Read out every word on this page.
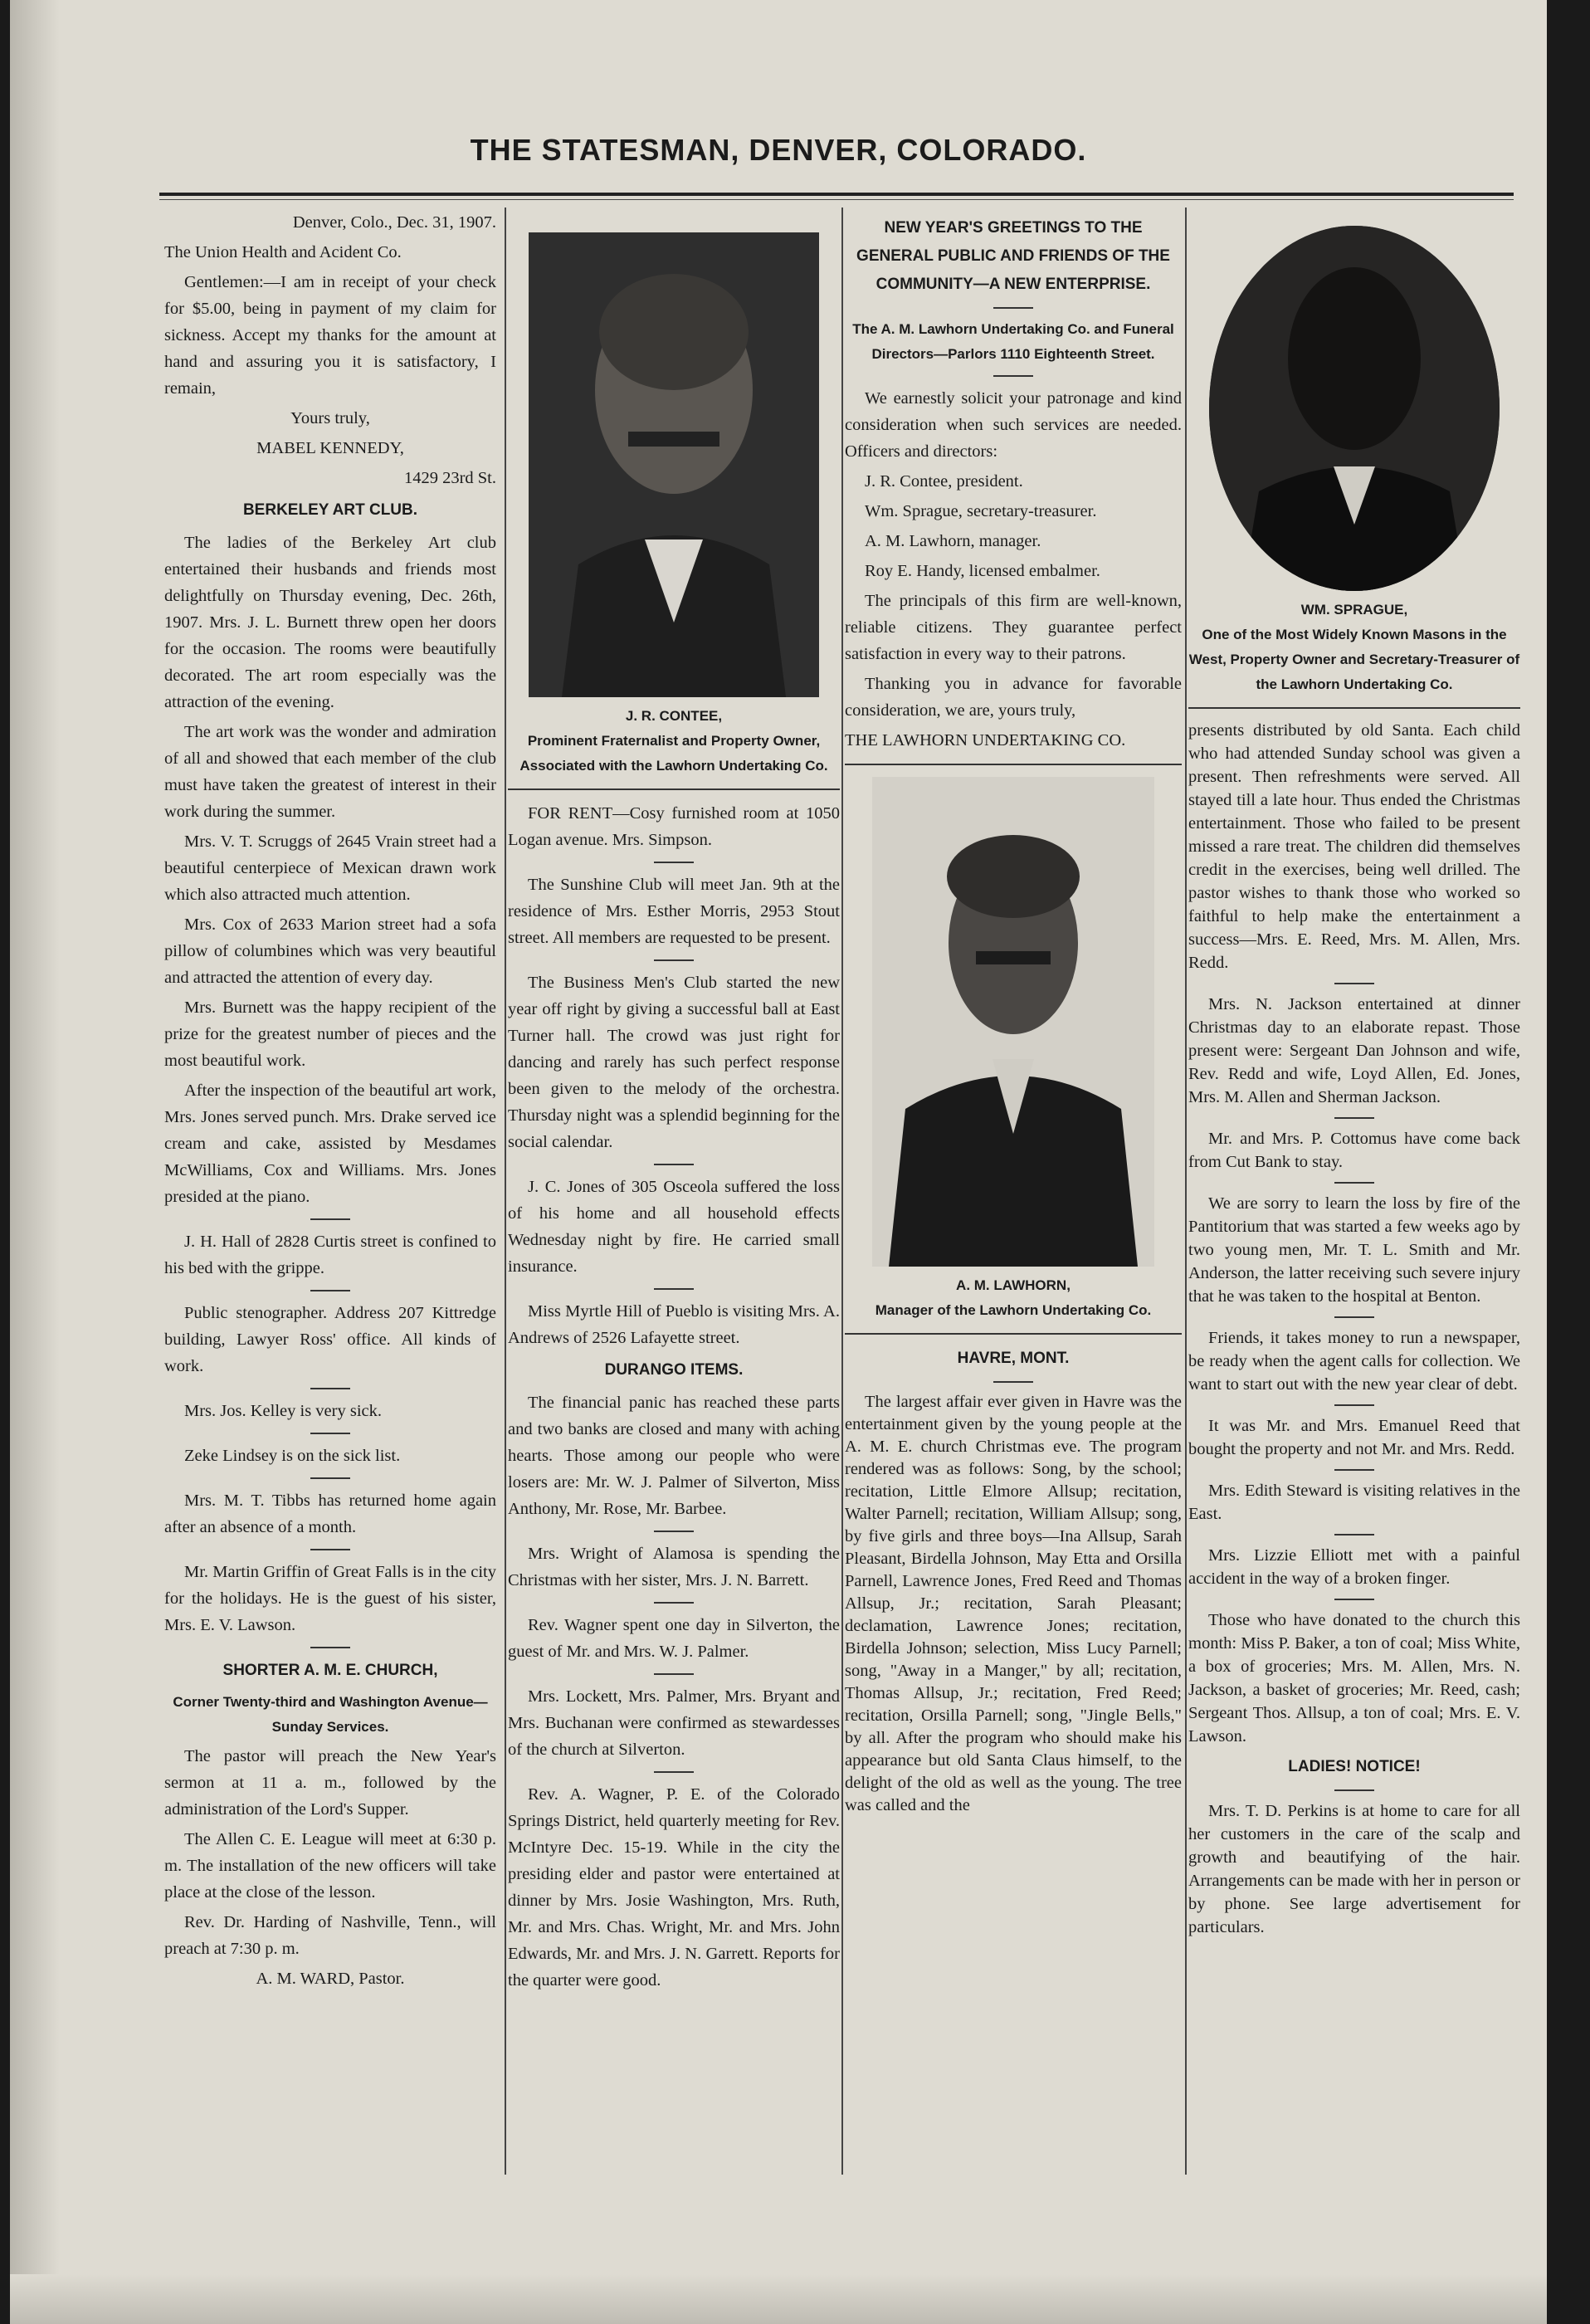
THE STATESMAN, DENVER, COLORADO.

Denver, Colo., Dec. 31, 1907.

The Union Health and Acident Co.

Gentlemen:—I am in receipt of your check for $5.00, being in payment of my claim for sickness. Accept my thanks for the amount at hand and assuring you it is satisfactory, I remain,

Yours truly,

MABEL KENNEDY,

1429 23rd St.

BERKELEY ART CLUB.

The ladies of the Berkeley Art club entertained their husbands and friends most delightfully on Thursday evening, Dec. 26th, 1907. Mrs. J. L. Burnett threw open her doors for the occasion. The rooms were beautifully decorated. The art room especially was the attraction of the evening.

The art work was the wonder and admiration of all and showed that each member of the club must have taken the greatest of interest in their work during the summer.

Mrs. V. T. Scruggs of 2645 Vrain street had a beautiful centerpiece of Mexican drawn work which also attracted much attention.

Mrs. Cox of 2633 Marion street had a sofa pillow of columbines which was very beautiful and attracted the attention of every day.

Mrs. Burnett was the happy recipient of the prize for the greatest number of pieces and the most beautiful work.

After the inspection of the beautiful art work, Mrs. Jones served punch. Mrs. Drake served ice cream and cake, assisted by Mesdames McWilliams, Cox and Williams. Mrs. Jones presided at the piano.

J. H. Hall of 2828 Curtis street is confined to his bed with the grippe.

Public stenographer. Address 207 Kittredge building, Lawyer Ross' office. All kinds of work.

Mrs. Jos. Kelley is very sick.

Zeke Lindsey is on the sick list.

Mrs. M. T. Tibbs has returned home again after an absence of a month.

Mr. Martin Griffin of Great Falls is in the city for the holidays. He is the guest of his sister, Mrs. E. V. Lawson.

SHORTER A. M. E. CHURCH,
Corner Twenty-third and Washington Avenue—Sunday Services.

The pastor will preach the New Year's sermon at 11 a. m., followed by the administration of the Lord's Supper.

The Allen C. E. League will meet at 6:30 p. m. The installation of the new officers will take place at the close of the lesson.

Rev. Dr. Harding of Nashville, Tenn., will preach at 7:30 p. m.

A. M. WARD, Pastor.

J. R. CONTEE,
Prominent Fraternalist and Property Owner, Associated with the Lawhorn Undertaking Co.

FOR RENT—Cosy furnished room at 1050 Logan avenue. Mrs. Simpson.

The Sunshine Club will meet Jan. 9th at the residence of Mrs. Esther Morris, 2953 Stout street. All members are requested to be present.

The Business Men's Club started the new year off right by giving a successful ball at East Turner hall. The crowd was just right for dancing and rarely has such perfect response been given to the melody of the orchestra. Thursday night was a splendid beginning for the social calendar.

J. C. Jones of 305 Osceola suffered the loss of his home and all household effects Wednesday night by fire. He carried small insurance.

Miss Myrtle Hill of Pueblo is visiting Mrs. A. Andrews of 2526 Lafayette street.

DURANGO ITEMS.

The financial panic has reached these parts and two banks are closed and many with aching hearts. Those among our people who were losers are: Mr. W. J. Palmer of Silverton, Miss Anthony, Mr. Rose, Mr. Barbee.

Mrs. Wright of Alamosa is spending the Christmas with her sister, Mrs. J. N. Barrett.

Rev. Wagner spent one day in Silverton, the guest of Mr. and Mrs. W. J. Palmer.

Mrs. Lockett, Mrs. Palmer, Mrs. Bryant and Mrs. Buchanan were confirmed as stewardesses of the church at Silverton.

Rev. A. Wagner, P. E. of the Colorado Springs District, held quarterly meeting for Rev. McIntyre Dec. 15-19. While in the city the presiding elder and pastor were entertained at dinner by Mrs. Josie Washington, Mrs. Ruth, Mr. and Mrs. Chas. Wright, Mr. and Mrs. John Edwards, Mr. and Mrs. J. N. Garrett. Reports for the quarter were good.

NEW YEAR'S GREETINGS TO THE GENERAL PUBLIC AND FRIENDS OF THE COMMUNITY—A NEW ENTERPRISE.
The A. M. Lawhorn Undertaking Co. and Funeral Directors—Parlors 1110 Eighteenth Street.

We earnestly solicit your patronage and kind consideration when such services are needed. Officers and directors:

J. R. Contee, president.

Wm. Sprague, secretary-treasurer.

A. M. Lawhorn, manager.

Roy E. Handy, licensed embalmer.

The principals of this firm are well-known, reliable citizens. They guarantee perfect satisfaction in every way to their patrons.

Thanking you in advance for favorable consideration, we are, yours truly,

THE LAWHORN UNDERTAKING CO.

A. M. LAWHORN,
Manager of the Lawhorn Undertaking Co.
HAVRE, MONT.

The largest affair ever given in Havre was the entertainment given by the young people at the A. M. E. church Christmas eve. The program rendered was as follows: Song, by the school; recitation, Little Elmore Allsup; recitation, Walter Parnell; recitation, William Allsup; song, by five girls and three boys—Ina Allsup, Sarah Pleasant, Birdella Johnson, May Etta and Orsilla Parnell, Lawrence Jones, Fred Reed and Thomas Allsup, Jr.; recitation, Sarah Pleasant; declamation, Lawrence Jones; recitation, Birdella Johnson; selection, Miss Lucy Parnell; song, "Away in a Manger," by all; recitation, Thomas Allsup, Jr.; recitation, Fred Reed; recitation, Orsilla Parnell; song, "Jingle Bells," by all. After the program who should make his appearance but old Santa Claus himself, to the delight of the old as well as the young. The tree was called and the

WM. SPRAGUE,
One of the Most Widely Known Masons in the West, Property Owner and Secretary-Treasurer of the Lawhorn Undertaking Co.

presents distributed by old Santa. Each child who had attended Sunday school was given a present. Then refreshments were served. All stayed till a late hour. Thus ended the Christmas entertainment. Those who failed to be present missed a rare treat. The children did themselves credit in the exercises, being well drilled. The pastor wishes to thank those who worked so faithful to help make the entertainment a success—Mrs. E. Reed, Mrs. M. Allen, Mrs. Redd.

Mrs. N. Jackson entertained at dinner Christmas day to an elaborate repast. Those present were: Sergeant Dan Johnson and wife, Rev. Redd and wife, Loyd Allen, Ed. Jones, Mrs. M. Allen and Sherman Jackson.

Mr. and Mrs. P. Cottomus have come back from Cut Bank to stay.

We are sorry to learn the loss by fire of the Pantitorium that was started a few weeks ago by two young men, Mr. T. L. Smith and Mr. Anderson, the latter receiving such severe injury that he was taken to the hospital at Benton.

Friends, it takes money to run a newspaper, be ready when the agent calls for collection. We want to start out with the new year clear of debt.

It was Mr. and Mrs. Emanuel Reed that bought the property and not Mr. and Mrs. Redd.

Mrs. Edith Steward is visiting relatives in the East.

Mrs. Lizzie Elliott met with a painful accident in the way of a broken finger.

Those who have donated to the church this month: Miss P. Baker, a ton of coal; Miss White, a box of groceries; Mrs. M. Allen, Mrs. N. Jackson, a basket of groceries; Mr. Reed, cash; Sergeant Thos. Allsup, a ton of coal; Mrs. E. V. Lawson.

LADIES! NOTICE!

Mrs. T. D. Perkins is at home to care for all her customers in the care of the scalp and growth and beautifying of the hair. Arrangements can be made with her in person or by phone. See large advertisement for particulars.
